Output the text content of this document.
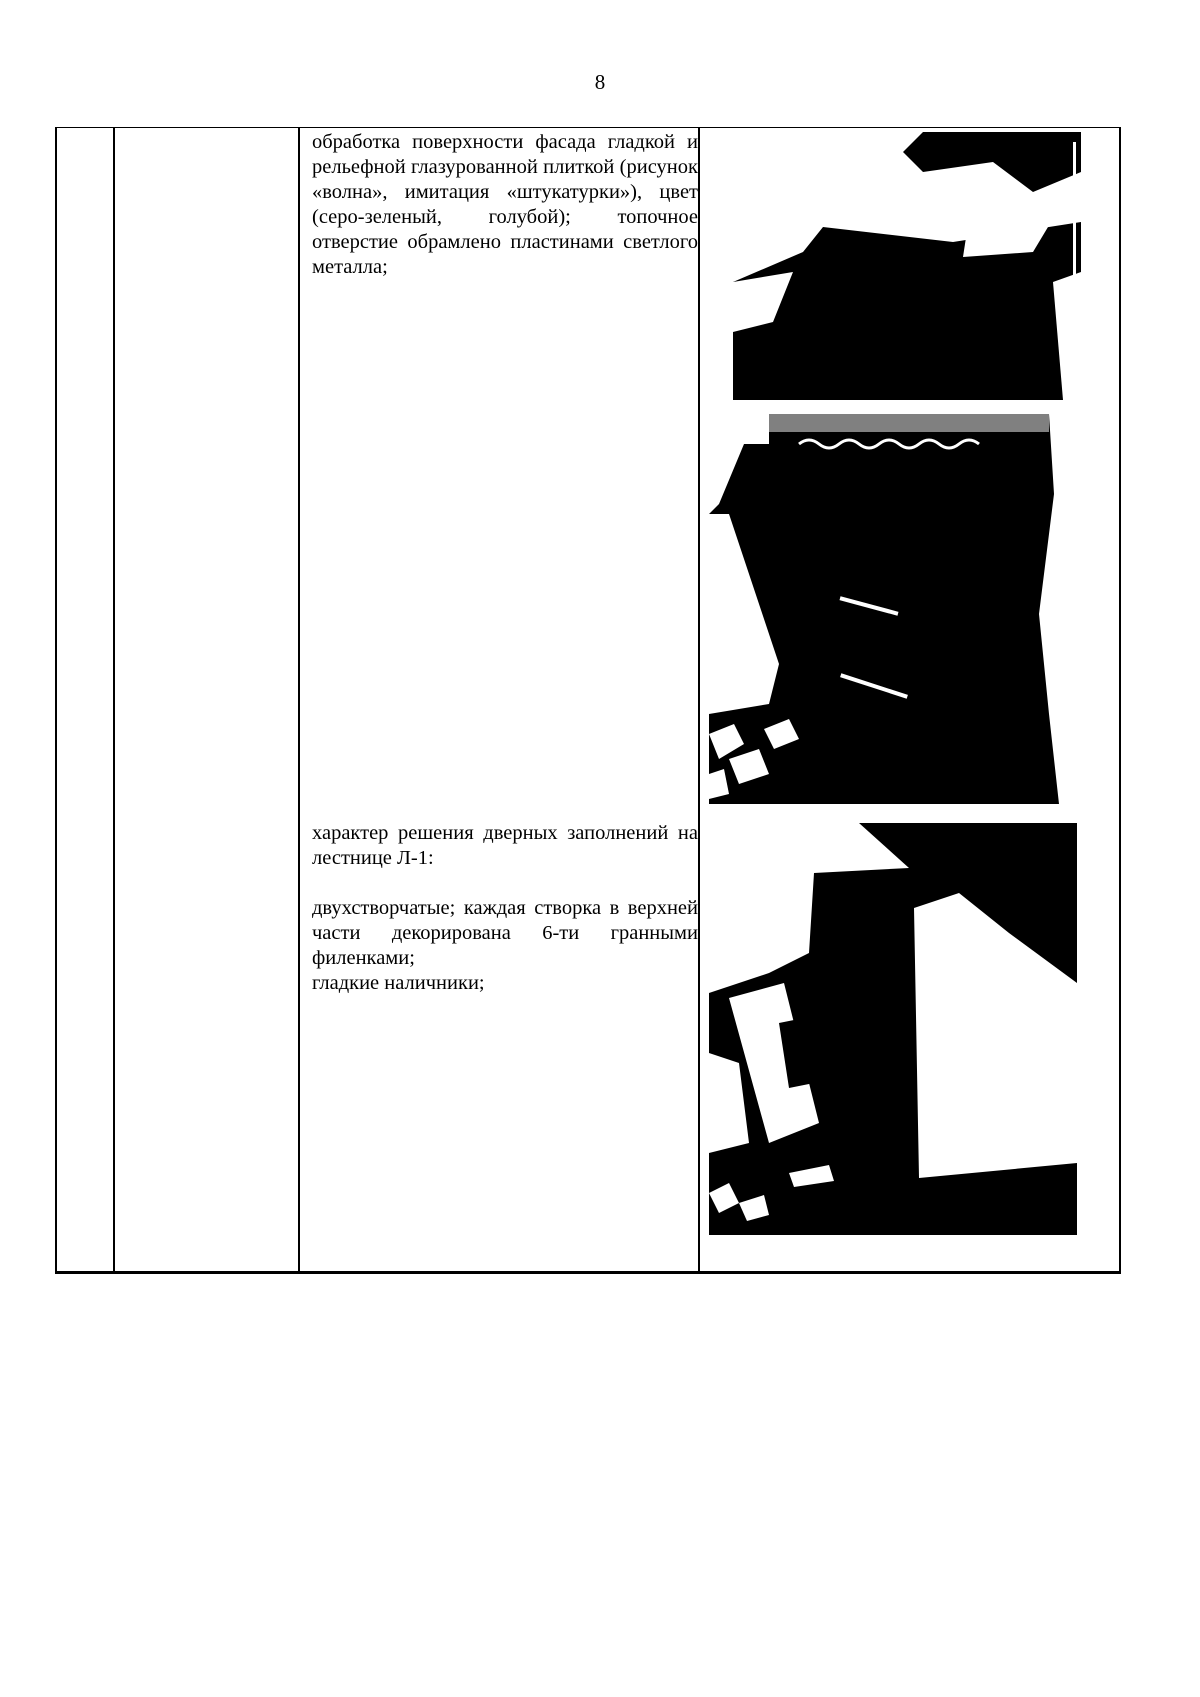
8

обработка поверхности фасада гладкой и рельефной глазурованной плиткой (рисунок «волна», имитация «штукатурки»), цвет (серо-зеленый, голубой); топочное отверстие обрамлено пластинами светлого металла;

характер решения дверных заполнений на лестнице Л-1:

двухстворчатые; каждая створка в верхней части декорирована 6-ти гранными филенками;

гладкие наличники;
